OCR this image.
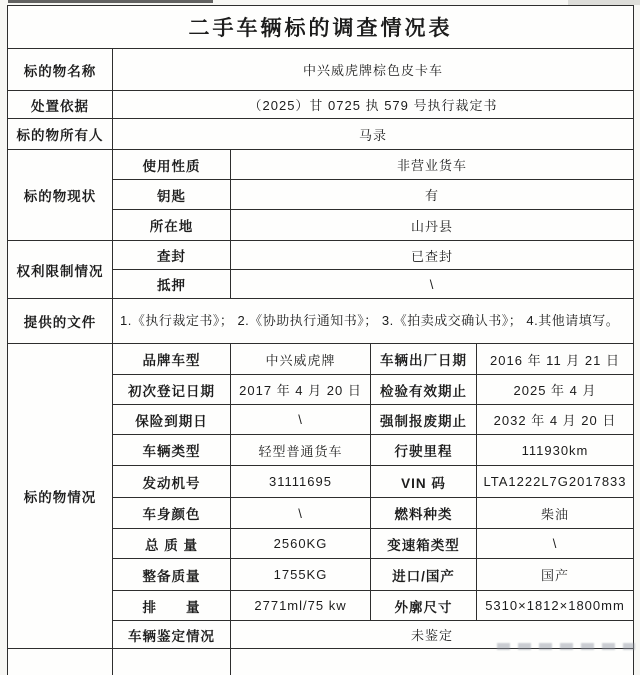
二手车辆标的调查情况表				
标的物名称	中兴威虎牌棕色皮卡车			
处置依据	（2025）甘 0725 执 579 号执行裁定书			
标的物所有人	马录			
标的物现状	使用性质	非营业货车		
	钥匙	有		
	所在地	山丹县		
权利限制情况	查封	已查封		
	抵押	\		
提供的文件	1.《执行裁定书》； 2.《协助执行通知书》； 3.《拍卖成交确认书》； 4.其他请填写。			
标的物情况	品牌车型	中兴威虎牌	车辆出厂日期	2016 年 11 月 21 日
	初次登记日期	2017 年 4 月 20 日	检验有效期止	2025 年 4 月
	保险到期日	\	强制报废期止	2032 年 4 月 20 日
	车辆类型	轻型普通货车	行驶里程	111930km
	发动机号	31111695	VIN 码	LTA1222L7G2017833
	车身颜色	\	燃料种类	柴油
	总 质 量	2560KG	变速箱类型	\
	整备质量	1755KG	进口/国产	国产
	排　　量	2771ml/75 kw	外廓尺寸	5310×1812×1800mm
	车辆鉴定情况	未鉴定		
